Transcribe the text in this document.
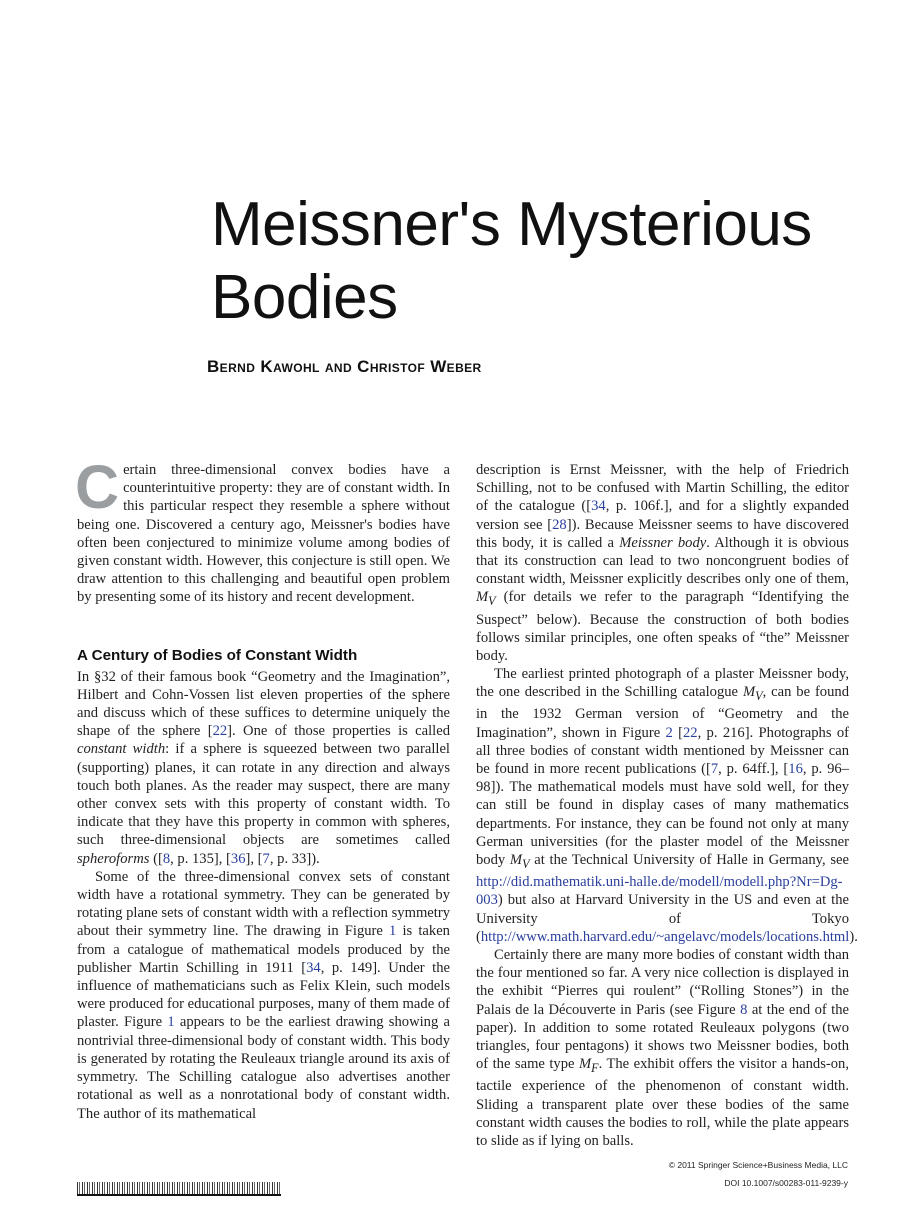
Meissner's Mysterious Bodies

Bernd Kawohl and Christof Weber

Certain three-dimensional convex bodies have a counterintuitive property: they are of constant width. In this particular respect they resemble a sphere without being one. Discovered a century ago, Meissner's bodies have often been conjectured to minimize volume among bodies of given constant width. However, this conjecture is still open. We draw attention to this challenging and beautiful open problem by presenting some of its history and recent development.

A Century of Bodies of Constant Width

In §32 of their famous book “Geometry and the Imagination”, Hilbert and Cohn-Vossen list eleven properties of the sphere and discuss which of these suffices to determine uniquely the shape of the sphere [22]. One of those properties is called constant width: if a sphere is squeezed between two parallel (supporting) planes, it can rotate in any direction and always touch both planes. As the reader may suspect, there are many other convex sets with this property of constant width. To indicate that they have this property in common with spheres, such three-dimensional objects are sometimes called spheroforms ([8, p. 135], [36], [7, p. 33]).

Some of the three-dimensional convex sets of constant width have a rotational symmetry. They can be generated by rotating plane sets of constant width with a reflection symmetry about their symmetry line. The drawing in Figure 1 is taken from a catalogue of mathematical models produced by the publisher Martin Schilling in 1911 [34, p. 149]. Under the influence of mathematicians such as Felix Klein, such models were produced for educational purposes, many of them made of plaster. Figure 1 appears to be the earliest drawing showing a nontrivial three-dimensional body of constant width. This body is generated by rotating the Reuleaux triangle around its axis of symmetry. The Schilling catalogue also advertises another rotational as well as a nonrotational body of constant width. The author of its mathematical

description is Ernst Meissner, with the help of Friedrich Schilling, not to be confused with Martin Schilling, the editor of the catalogue ([34, p. 106f.], and for a slightly expanded version see [28]). Because Meissner seems to have discovered this body, it is called a Meissner body. Although it is obvious that its construction can lead to two noncongruent bodies of constant width, Meissner explicitly describes only one of them, $M_V$ (for details we refer to the paragraph “Identifying the Suspect” below). Because the construction of both bodies follows similar principles, one often speaks of “the” Meissner body.

The earliest printed photograph of a plaster Meissner body, the one described in the Schilling catalogue $M_V$, can be found in the 1932 German version of “Geometry and the Imagination”, shown in Figure 2 [22, p. 216]. Photographs of all three bodies of constant width mentioned by Meissner can be found in more recent publications ([7, p. 64ff.], [16, p. 96–98]). The mathematical models must have sold well, for they can still be found in display cases of many mathematics departments. For instance, they can be found not only at many German universities (for the plaster model of the Meissner body $M_V$ at the Technical University of Halle in Germany, see http://did.mathematik.uni-halle.de/modell/modell.php?Nr=Dg-003) but also at Harvard University in the US and even at the University of Tokyo (http://www.math.harvard.edu/~angelavc/models/locations.html).

Certainly there are many more bodies of constant width than the four mentioned so far. A very nice collection is displayed in the exhibit “Pierres qui roulent” (“Rolling Stones”) in the Palais de la Découverte in Paris (see Figure 8 at the end of the paper). In addition to some rotated Reuleaux polygons (two triangles, four pentagons) it shows two Meissner bodies, both of the same type $M_F$. The exhibit offers the visitor a hands-on, tactile experience of the phenomenon of constant width. Sliding a transparent plate over these bodies of the same constant width causes the bodies to roll, while the plate appears to slide as if lying on balls.

© 2011 Springer Science+Business Media, LLC

DOI 10.1007/s00283-011-9239-y
